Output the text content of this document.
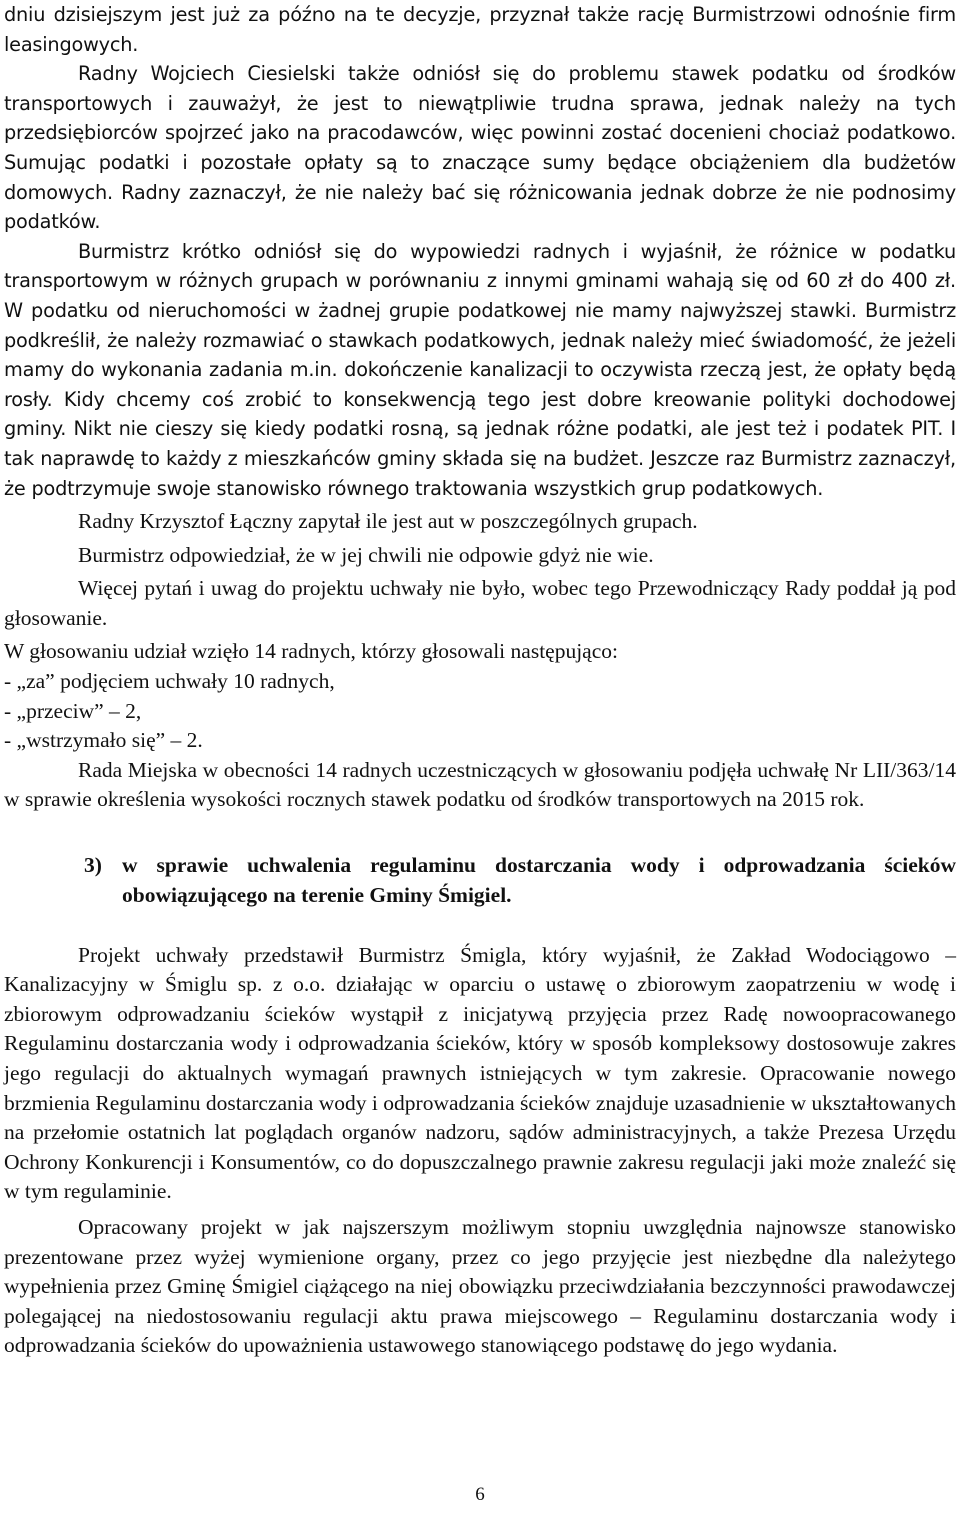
dniu dzisiejszym jest już za późno na te decyzje, przyznał także rację Burmistrzowi odnośnie firm leasingowych.

Radny Wojciech Ciesielski także odniósł się do problemu stawek podatku od środków transportowych i zauważył, że jest to niewątpliwie trudna sprawa, jednak należy na tych przedsiębiorców spojrzeć jako na pracodawców, więc powinni zostać docenieni chociaż podatkowo. Sumując podatki i pozostałe opłaty są to znaczące sumy będące obciążeniem dla budżetów domowych. Radny zaznaczył, że nie należy bać się różnicowania jednak dobrze że nie podnosimy podatków.

Burmistrz krótko odniósł się do wypowiedzi radnych i wyjaśnił, że różnice w podatku transportowym w różnych grupach w porównaniu z innymi gminami wahają się od 60 zł do 400 zł. W podatku od nieruchomości w żadnej grupie podatkowej nie mamy najwyższej stawki. Burmistrz podkreślił, że należy rozmawiać o stawkach podatkowych, jednak należy mieć świadomość, że jeżeli mamy do wykonania zadania m.in. dokończenie kanalizacji to oczywista rzeczą jest, że opłaty będą rosły. Kidy chcemy coś zrobić to konsekwencją tego jest dobre kreowanie polityki dochodowej gminy. Nikt nie cieszy się kiedy podatki rosną, są jednak różne podatki, ale jest też i podatek PIT. I tak naprawdę to każdy z mieszkańców gminy składa się na budżet. Jeszcze raz Burmistrz zaznaczył, że podtrzymuje swoje stanowisko równego traktowania wszystkich grup podatkowych.

Radny Krzysztof Łączny zapytał ile jest aut w poszczególnych grupach.

Burmistrz odpowiedział, że w jej chwili nie odpowie gdyż nie wie.

Więcej pytań i uwag do projektu uchwały nie było, wobec tego Przewodniczący Rady poddał ją pod głosowanie.

W głosowaniu udział wzięło 14 radnych, którzy głosowali następująco:

- „za” podjęciem uchwały 10 radnych,

- „przeciw” – 2,

- „wstrzymało się” – 2.

Rada Miejska w obecności 14 radnych uczestniczących w głosowaniu podjęła uchwałę Nr LII/363/14 w sprawie określenia wysokości rocznych stawek podatku od środków transportowych na 2015 rok.

3) w sprawie uchwalenia regulaminu dostarczania wody i odprowadzania ścieków obowiązującego na terenie Gminy Śmigiel.

Projekt uchwały przedstawił Burmistrz Śmigla, który wyjaśnił, że Zakład Wodociągowo – Kanalizacyjny w Śmiglu sp. z o.o. działając w oparciu o ustawę o zbiorowym zaopatrzeniu w wodę i zbiorowym odprowadzaniu ścieków wystąpił z inicjatywą przyjęcia przez Radę nowoopracowanego Regulaminu dostarczania wody i odprowadzania ścieków, który w sposób kompleksowy dostosowuje zakres jego regulacji do aktualnych wymagań prawnych istniejących w tym zakresie. Opracowanie nowego brzmienia Regulaminu dostarczania wody i odprowadzania ścieków znajduje uzasadnienie w ukształtowanych na przełomie ostatnich lat poglądach organów nadzoru, sądów administracyjnych, a także Prezesa Urzędu Ochrony Konkurencji i Konsumentów, co do dopuszczalnego prawnie zakresu regulacji jaki może znaleźć się w tym regulaminie.

Opracowany projekt w jak najszerszym możliwym stopniu uwzględnia najnowsze stanowisko prezentowane przez wyżej wymienione organy, przez co jego przyjęcie jest niezbędne dla należytego wypełnienia przez Gminę Śmigiel ciążącego na niej obowiązku przeciwdziałania bezczynności prawodawczej polegającej na niedostosowaniu regulacji aktu prawa miejscowego – Regulaminu dostarczania wody i odprowadzania ścieków do upoważnienia ustawowego stanowiącego podstawę do jego wydania.

6
